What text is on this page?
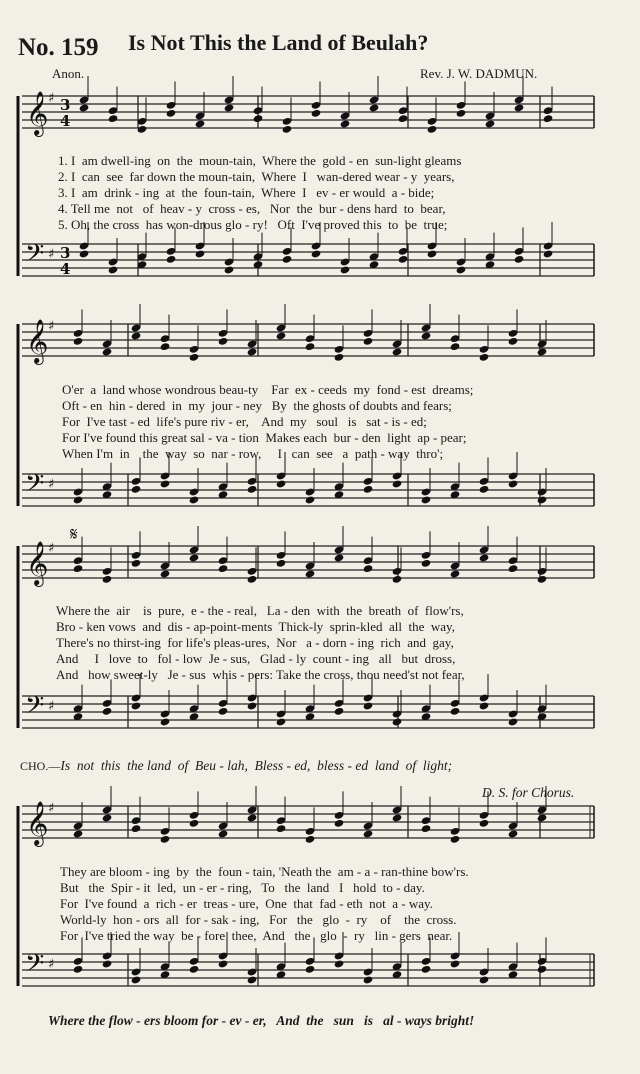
No. 159 Is Not This the Land of Beulah?
Anon.	Rev. J. W. DADMUN.
𝄞 ♯ 3
4
𝄢 ♯ 3
4
𝄞 ♯
𝄢 ♯
𝄞 ♯
𝄢 ♯
𝄋
𝄞 ♯
𝄢 ♯
1. I  am dwell-ing  on  the  moun-tain,  Where the  gold - en  sun-light gleams
2. I  can  see  far down the moun-tain,  Where  I   wan-dered wear - y  years,
3. I  am  drink - ing  at  the  foun-tain,  Where  I   ev - er would  a - bide;
4. Tell me  not   of  heav - y  cross - es,   Nor  the  bur - dens hard  to  bear,
5. Oh, the cross  has won-drous glo - ry!   Oft  I've proved this  to  be  true;
O'er  a  land whose wondrous beau-ty    Far  ex - ceeds  my  fond - est  dreams;
Oft - en  hin - dered  in  my  jour - ney   By  the ghosts of doubts and fears;
For  I've tast - ed  life's pure riv - er,    And  my   soul   is   sat - is - ed;
For I've found this great sal - va - tion  Makes each  bur - den  light  ap - pear;
When I'm  in    the  way  so  nar - row,     I   can  see   a  path - way  thro';
Where the  air    is  pure,  e - the - real,   La - den  with  the  breath  of  flow'rs,
Bro - ken vows  and  dis - ap-point-ments  Thick-ly  sprin-kled  all  the  way,
There's no thirst-ing  for life's pleas-ures,  Nor   a - dorn - ing  rich  and  gay,
And     I   love  to   fol - low  Je - sus,   Glad - ly  count - ing   all   but  dross,
And   how sweet-ly   Je - sus  whis - pers: Take the cross, thou need'st not fear,
CHO.—Is  not  this  the land  of  Beu - lah,  Bless - ed,  bless - ed  land  of  light;
D. S. for Chorus.
They are bloom - ing  by  the  foun - tain, 'Neath the  am - a - ran-thine bow'rs.
But   the  Spir - it  led,  un - er - ring,   To   the  land   I   hold  to - day.
For  I've found  a  rich - er  treas - ure,  One  that  fad - eth  not  a - way.
World-ly  hon - ors  all  for - sak - ing,   For   the   glo  -  ry    of    the  cross.
For  I've tried the way  be - fore  thee,  And   the   glo  -  ry   lin - gers  near.
Where the flow - ers bloom for - ev - er,   And  the   sun   is   al - ways bright!
